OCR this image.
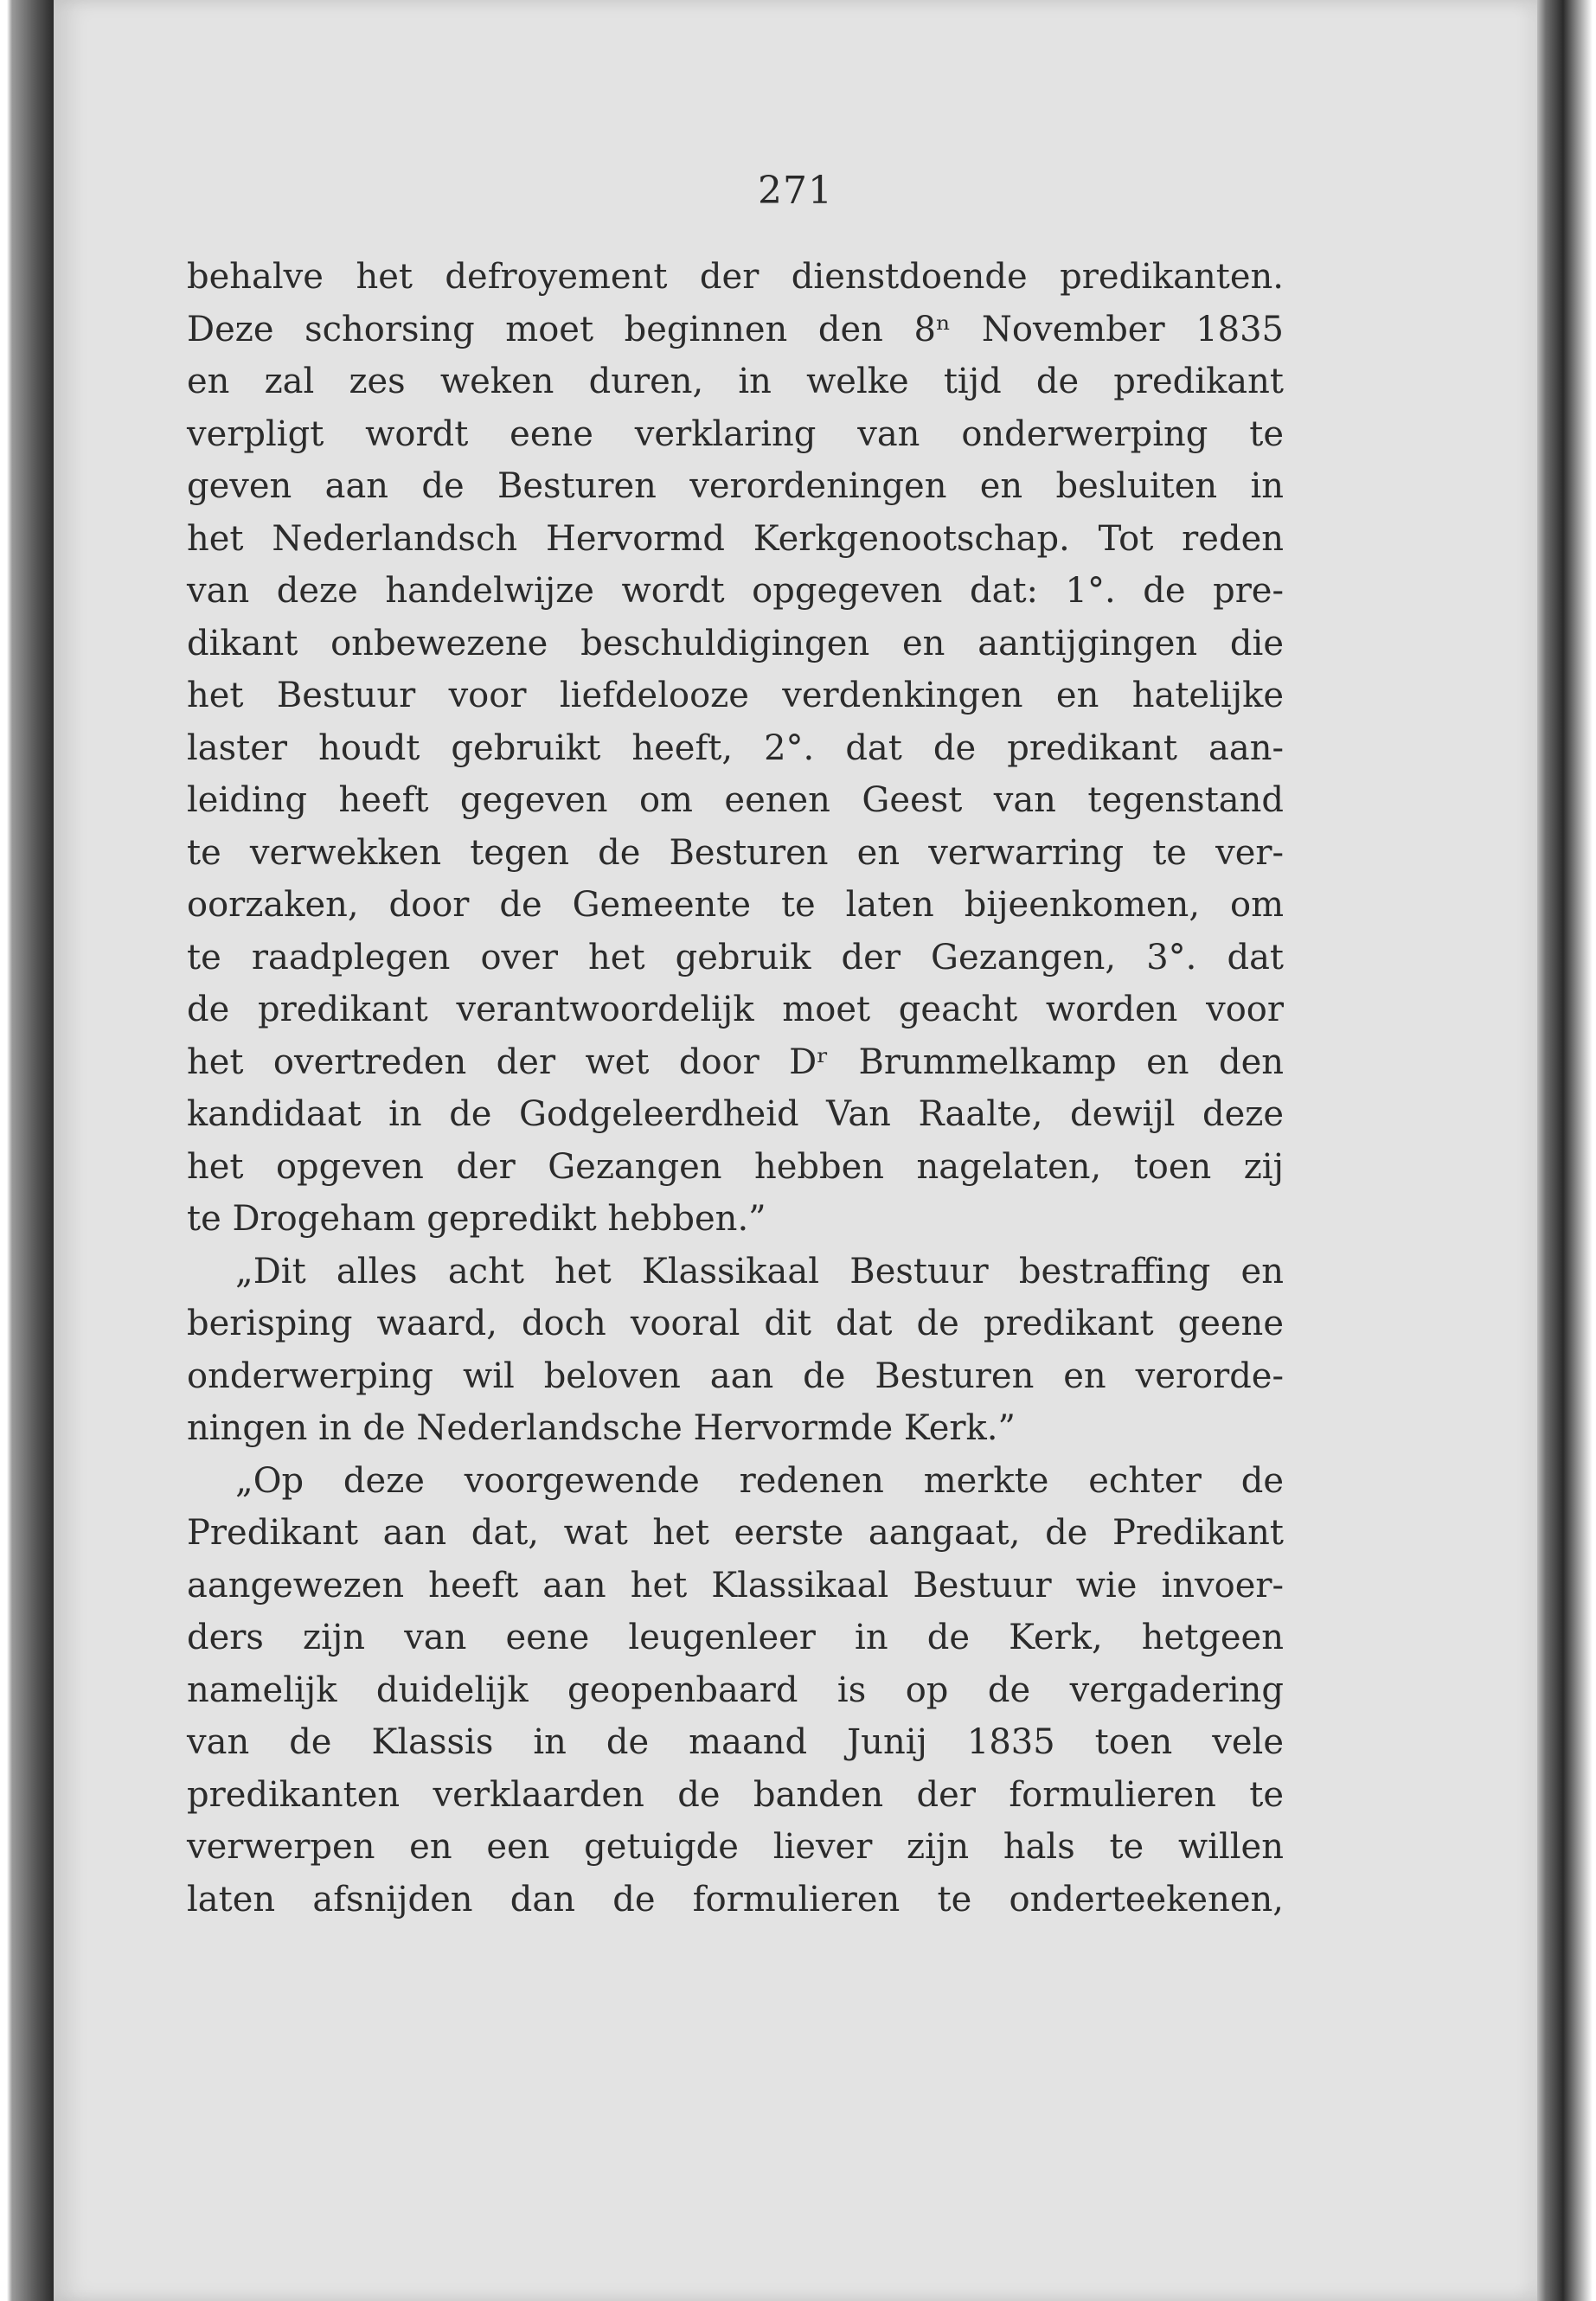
271
behalve het defroyement der dienstdoende predikanten.
Deze schorsing moet beginnen den 8ⁿ November 1835
en zal zes weken duren, in welke tijd de predikant
verpligt wordt eene verklaring van onderwerping te
geven aan de Besturen verordeningen en besluiten in
het Nederlandsch Hervormd Kerkgenootschap. Tot reden
van deze handelwijze wordt opgegeven dat: 1°. de pre-
dikant onbewezene beschuldigingen en aantijgingen die
het Bestuur voor liefdelooze verdenkingen en hatelijke
laster houdt gebruikt heeft, 2°. dat de predikant aan-
leiding heeft gegeven om eenen Geest van tegenstand
te verwekken tegen de Besturen en verwarring te ver-
oorzaken, door de Gemeente te laten bijeenkomen, om
te raadplegen over het gebruik der Gezangen, 3°. dat
de predikant verantwoordelijk moet geacht worden voor
het overtreden der wet door Dʳ Brummelkamp en den
kandidaat in de Godgeleerdheid Van Raalte, dewijl deze
het opgeven der Gezangen hebben nagelaten, toen zij
te Drogeham gepredikt hebben.”
„Dit alles acht het Klassikaal Bestuur bestraffing en
berisping waard, doch vooral dit dat de predikant geene
onderwerping wil beloven aan de Besturen en verorde-
ningen in de Nederlandsche Hervormde Kerk.”
„Op deze voorgewende redenen merkte echter de
Predikant aan dat, wat het eerste aangaat, de Predikant
aangewezen heeft aan het Klassikaal Bestuur wie invoer-
ders zijn van eene leugenleer in de Kerk, hetgeen
namelijk duidelijk geopenbaard is op de vergadering
van de Klassis in de maand Junij 1835 toen vele
predikanten verklaarden de banden der formulieren te
verwerpen en een getuigde liever zijn hals te willen
laten afsnijden dan de formulieren te onderteekenen,
